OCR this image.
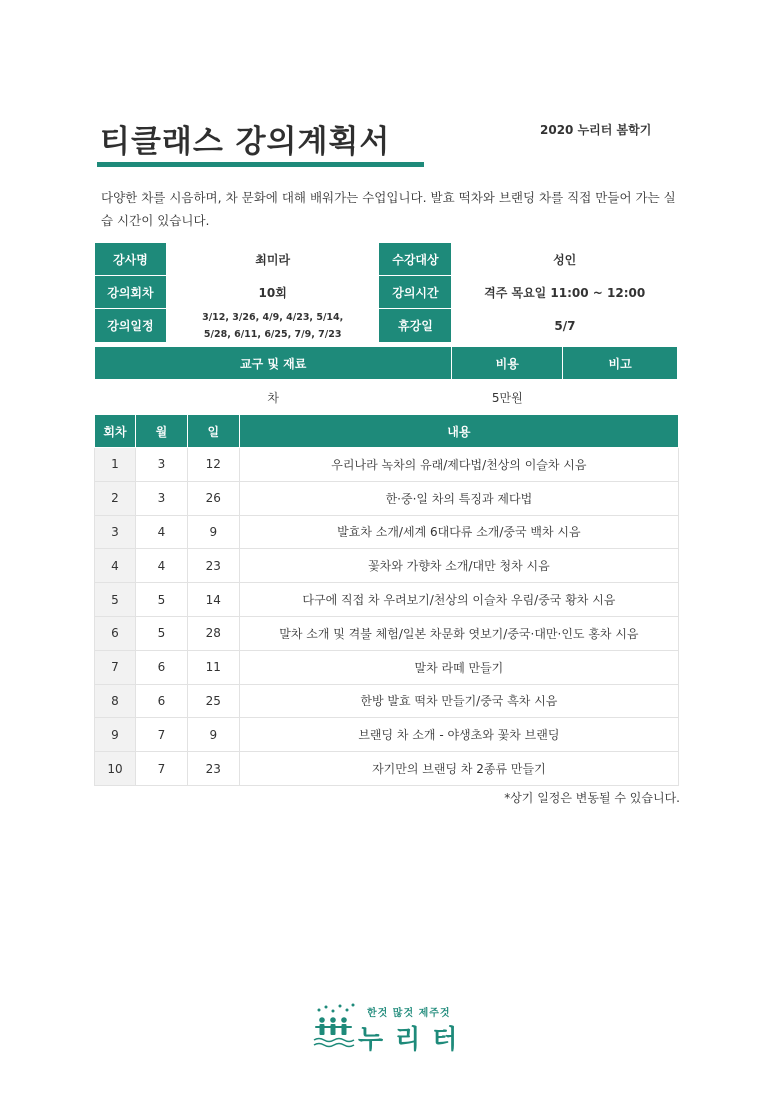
티클래스 강의계획서	2020 누리터 봄학기

다양한 차를 시음하며, 차 문화에 대해 배워가는 수업입니다. 발효 떡차와 브랜딩 차를 직접 만들어 가는 실습 시간이 있습니다.

강사명	최미라	수강대상	성인
강의회차	10회	강의시간	격주 목요일 11:00 ~ 12:00
강의일정	3/12, 3/26, 4/9, 4/23, 5/14,
5/28, 6/11, 6/25, 7/9, 7/23	휴강일	5/7
교구 및 재료	비용	비고
차	5만원	
회차	월	일	내용
1	3	12	우리나라 녹차의 유래/제다법/천상의 이슬차 시음
2	3	26	한·중·일 차의 특징과 제다법
3	4	9	발효차 소개/세계 6대다류 소개/중국 백차 시음
4	4	23	꽃차와 가향차 소개/대만 청차 시음
5	5	14	다구에 직접 차 우려보기/천상의 이슬차 우림/중국 황차 시음
6	5	28	말차 소개 및 격불 체험/일본 차문화 엿보기/중국·대만·인도 홍차 시음
7	6	11	말차 라떼 만들기
8	6	25	한방 발효 떡차 만들기/중국 흑차 시음
9	7	9	브랜딩 차 소개 - 야생초와 꽃차 브랜딩
10	7	23	자기만의 브랜딩 차 2종류 만들기
*상기 일정은 변동될 수 있습니다.
한것 많것 제주것
누리터
